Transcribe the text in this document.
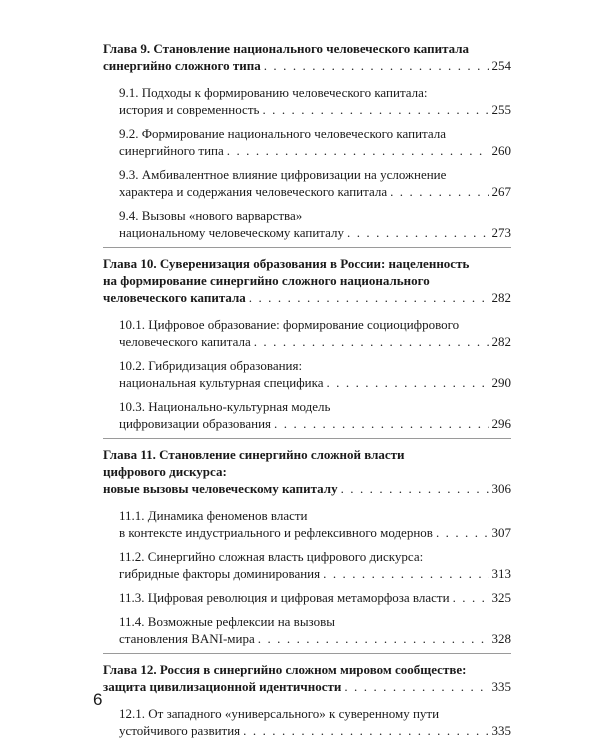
Глава 9. Становление национального человеческого капитала
синергийно сложного типа . . .	254
9.1. Подходы к формированию человеческого капитала:
история и современность . . .	255
9.2. Формирование национального человеческого капитала
синергийного типа . . .	260
9.3. Амбивалентное влияние цифровизации на усложнение
характера и содержания человеческого капитала . . .	267
9.4. Вызовы «нового варварства»
национальному человеческому капиталу . . .	273
Глава 10. Суверенизация образования в России: нацеленность
на формирование синергийно сложного национального
человеческого капитала . . .	282
10.1. Цифровое образование: формирование социоцифрового
человеческого капитала . . .	282
10.2. Гибридизация образования:
национальная культурная специфика . . .	290
10.3. Национально-культурная модель
цифровизации образования . . .	296
Глава 11. Становление синергийно сложной власти
цифрового дискурса:
новые вызовы человеческому капиталу . . .	306
11.1. Динамика феноменов власти
в контексте индустриального и рефлексивного модернов . . .	307
11.2. Синергийно сложная власть цифрового дискурса:
гибридные факторы доминирования . . .	313
11.3. Цифровая революция и цифровая метаморфоза власти . . .	325
11.4. Возможные рефлексии на вызовы
становления BANI-мира . . .	328
Глава 12. Россия в синергийно сложном мировом сообществе:
защита цивилизационной идентичности . . .	335
12.1. От западного «универсального» к суверенному пути
устойчивого развития . . .	335
6
